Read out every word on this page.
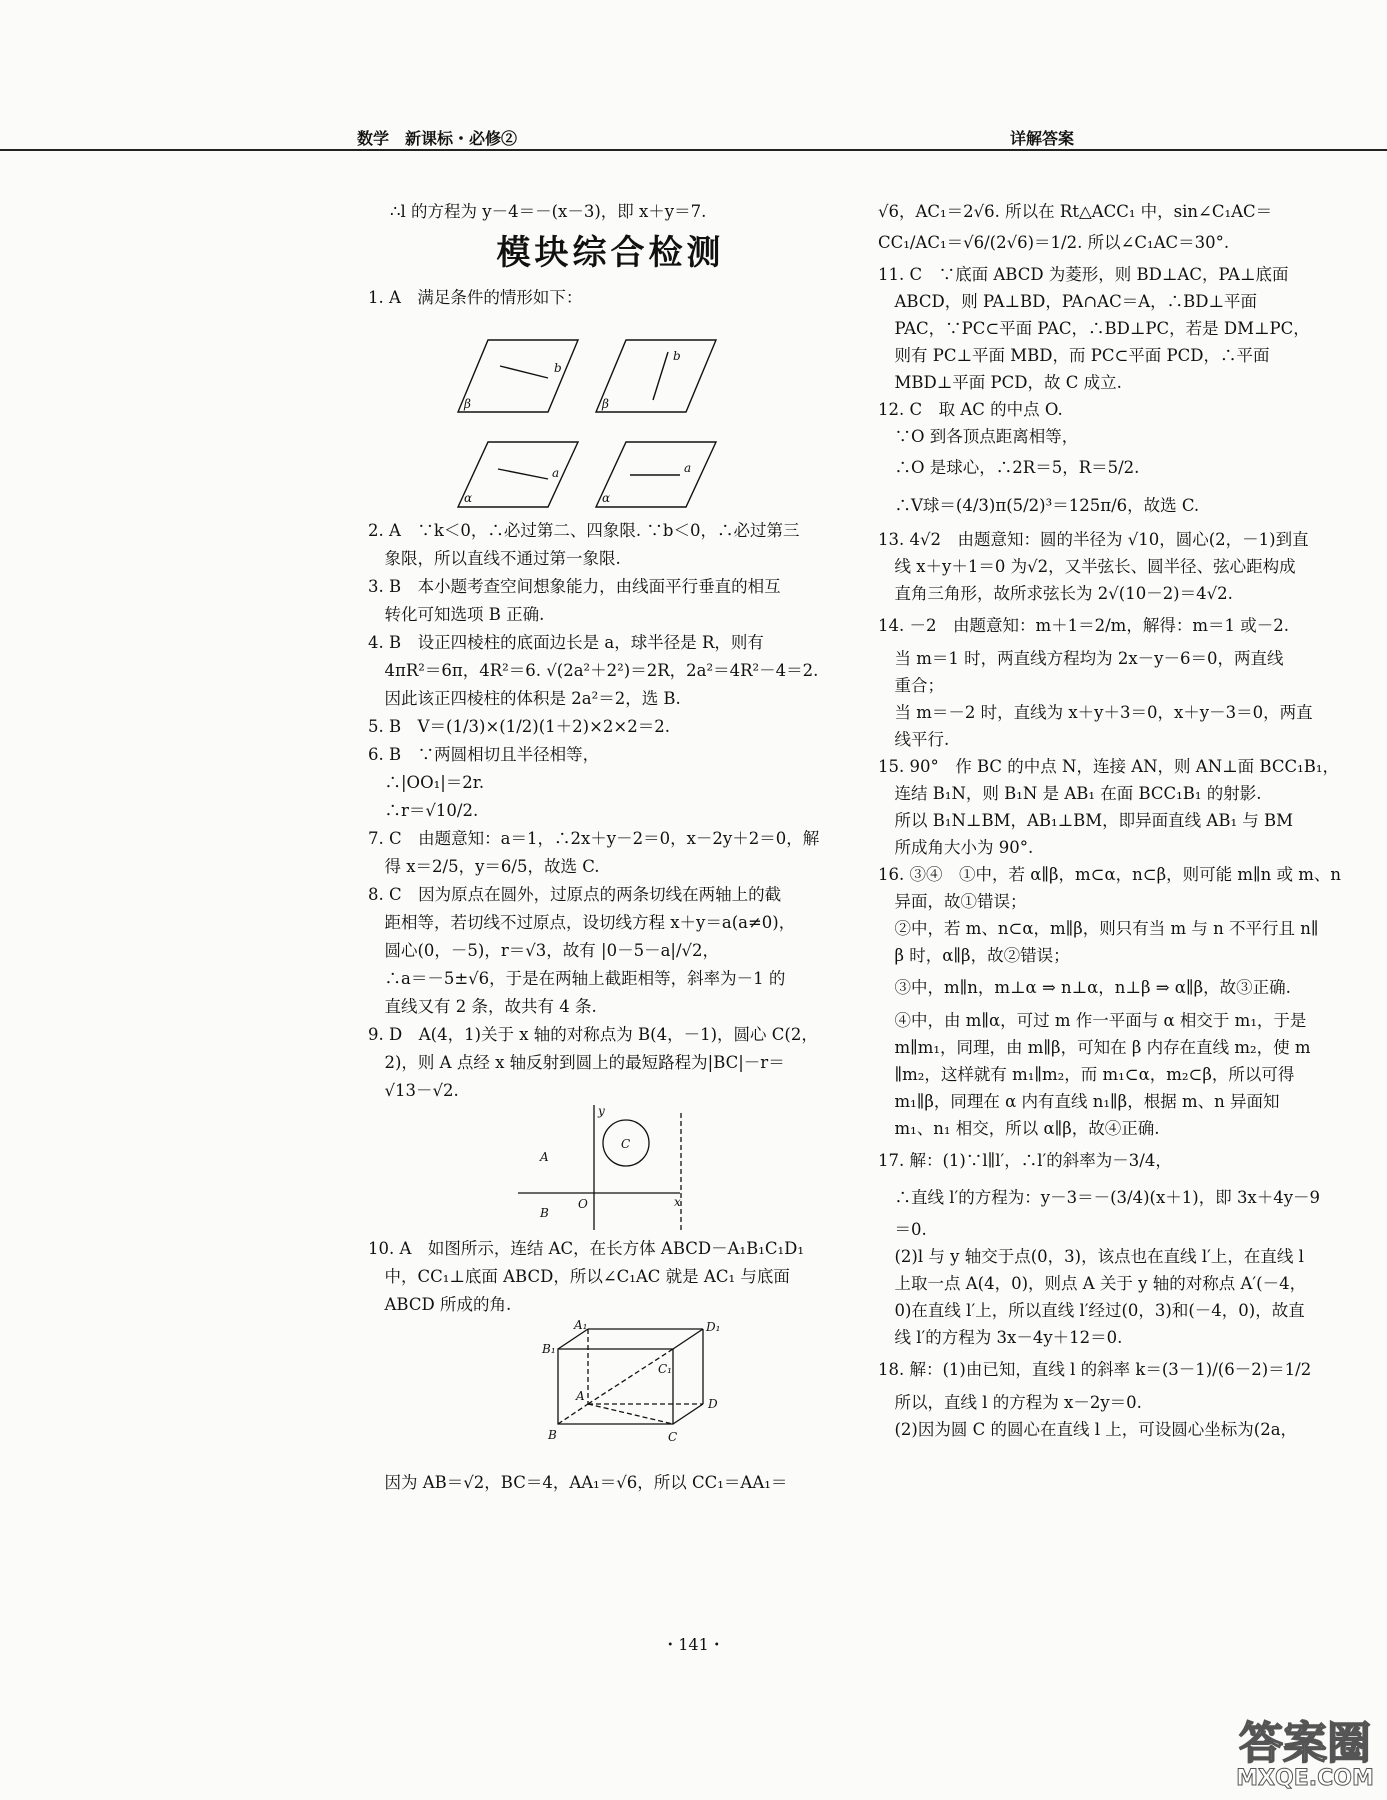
数学　新课标・必修②	详解答案
∴l 的方程为 y－4＝－(x－3)，即 x＋y＝7.
模块综合检测
1. A　满足条件的情形如下：
b
β
b
β
a
α
a
α
2. A　∵k＜0，∴必过第二、四象限. ∵b＜0，∴必过第三
　象限，所以直线不通过第一象限.
3. B　本小题考查空间想象能力，由线面平行垂直的相互
　转化可知选项 B 正确.
4. B　设正四棱柱的底面边长是 a，球半径是 R，则有
　4πR²＝6π，4R²＝6. √(2a²＋2²)＝2R，2a²＝4R²－4＝2.
　因此该正四棱柱的体积是 2a²＝2，选 B.
5. B　V＝(1/3)×(1/2)(1＋2)×2×2＝2.
6. B　∵两圆相切且半径相等，
　∴|OO₁|＝2r.
　∴r＝√10/2.
7. C　由题意知：a＝1，∴2x＋y－2＝0，x－2y＋2＝0，解
　得 x＝2/5，y＝6/5，故选 C.
8. C　因为原点在圆外，过原点的两条切线在两轴上的截
　距相等，若切线不过原点，设切线方程 x＋y＝a(a≠0)，
　圆心(0，－5)，r＝√3，故有 |0－5－a|/√2，
　∴a＝－5±√6，于是在两轴上截距相等，斜率为－1 的
　直线又有 2 条，故共有 4 条.
9. D　A(4，1)关于 x 轴的对称点为 B(4，－1)，圆心 C(2，
　2)，则 A 点经 x 轴反射到圆上的最短路程为|BC|－r＝
　√13－√2.
y
C
A
O	x
B
10. A　如图所示，连结 AC，在长方体 ABCD－A₁B₁C₁D₁
　中，CC₁⊥底面 ABCD，所以∠C₁AC 就是 AC₁ 与底面
　ABCD 所成的角.
A₁	D₁
B₁
C₁
A
D
B	C
　因为 AB＝√2，BC＝4，AA₁＝√6，所以 CC₁＝AA₁＝
√6，AC₁＝2√6. 所以在 Rt△ACC₁ 中，sin∠C₁AC＝
CC₁/AC₁＝√6/(2√6)＝1/2. 所以∠C₁AC＝30°.
11. C　∵底面 ABCD 为菱形，则 BD⊥AC，PA⊥底面
　ABCD，则 PA⊥BD，PA∩AC＝A，∴BD⊥平面
　PAC，∵PC⊂平面 PAC，∴BD⊥PC，若是 DM⊥PC，
　则有 PC⊥平面 MBD，而 PC⊂平面 PCD，∴平面
　MBD⊥平面 PCD，故 C 成立.
12. C　取 AC 的中点 O.
　∵O 到各顶点距离相等，
　∴O 是球心，∴2R＝5，R＝5/2.
　∴V球＝(4/3)π(5/2)³＝125π/6，故选 C.
13. 4√2　由题意知：圆的半径为 √10，圆心(2，－1)到直
　线 x＋y＋1＝0 为√2，又半弦长、圆半径、弦心距构成
　直角三角形，故所求弦长为 2√(10－2)＝4√2.
14. －2　由题意知：m＋1＝2/m，解得：m＝1 或－2.
　当 m＝1 时，两直线方程均为 2x－y－6＝0，两直线
　重合；
　当 m＝－2 时，直线为 x＋y＋3＝0，x＋y－3＝0，两直
　线平行.
15. 90°　作 BC 的中点 N，连接 AN，则 AN⊥面 BCC₁B₁，
　连结 B₁N，则 B₁N 是 AB₁ 在面 BCC₁B₁ 的射影.
　所以 B₁N⊥BM，AB₁⊥BM，即异面直线 AB₁ 与 BM
　所成角大小为 90°.
16. ③④　①中，若 α∥β，m⊂α，n⊂β，则可能 m∥n 或 m、n
　异面，故①错误；
　②中，若 m、n⊂α，m∥β，则只有当 m 与 n 不平行且 n∥
　β 时，α∥β，故②错误；
　③中，m∥n，m⊥α ⇒ n⊥α，n⊥β ⇒ α∥β，故③正确.
　④中，由 m∥α，可过 m 作一平面与 α 相交于 m₁，于是
　m∥m₁，同理，由 m∥β，可知在 β 内存在直线 m₂，使 m
　∥m₂，这样就有 m₁∥m₂，而 m₁⊂α，m₂⊂β，所以可得
　m₁∥β，同理在 α 内有直线 n₁∥β，根据 m、n 异面知
　m₁、n₁ 相交，所以 α∥β，故④正确.
17. 解：(1)∵l∥l′，∴l′的斜率为－3/4，
　∴直线 l′的方程为：y－3＝－(3/4)(x＋1)，即 3x＋4y－9
　＝0.
　(2)l 与 y 轴交于点(0，3)，该点也在直线 l′上，在直线 l
　上取一点 A(4，0)，则点 A 关于 y 轴的对称点 A′(－4，
　0)在直线 l′上，所以直线 l′经过(0，3)和(－4，0)，故直
　线 l′的方程为 3x－4y＋12＝0.
18. 解：(1)由已知，直线 l 的斜率 k＝(3－1)/(6－2)＝1/2
　所以，直线 l 的方程为 x－2y＝0.
　(2)因为圆 C 的圆心在直线 l 上，可设圆心坐标为(2a，
・141・
答案圈
MXQE.COM
